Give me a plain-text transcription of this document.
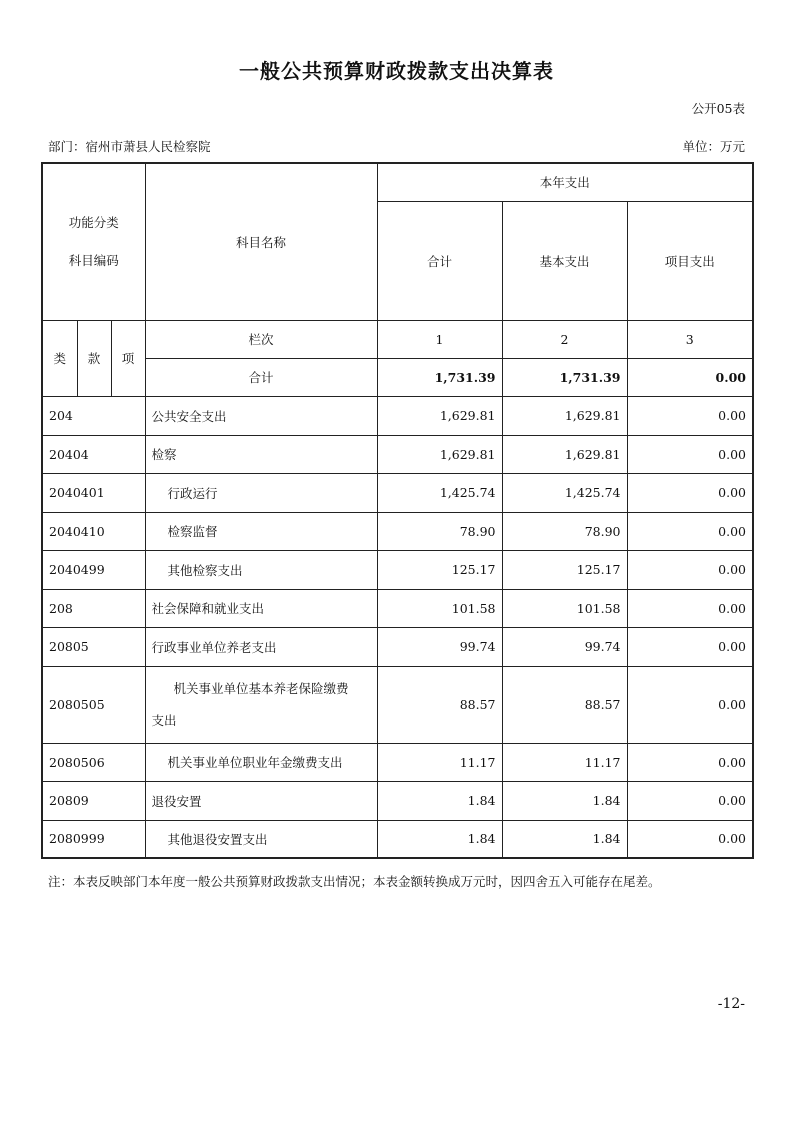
一般公共预算财政拨款支出决算表
公开05表
部门：宿州市萧县人民检察院	单位：万元
功能分类
科目编码			科目名称	本年支出		
				合计	基本支出	项目支出
类	款	项	栏次	1	2	3
			合计	1,731.39	1,731.39	0.00
204			公共安全支出	1,629.81	1,629.81	0.00
20404			检察	1,629.81	1,629.81	0.00
2040401			行政运行	1,425.74	1,425.74	0.00
2040410			检察监督	78.90	78.90	0.00
2040499			其他检察支出	125.17	125.17	0.00
208			社会保障和就业支出	101.58	101.58	0.00
20805			行政事业单位养老支出	99.74	99.74	0.00
2080505			机关事业单位基本养老保险缴费
支出	88.57	88.57	0.00
2080506			机关事业单位职业年金缴费支出	11.17	11.17	0.00
20809			退役安置	1.84	1.84	0.00
2080999			其他退役安置支出	1.84	1.84	0.00
注：本表反映部门本年度一般公共预算财政拨款支出情况；本表金额转换成万元时，因四舍五入可能存在尾差。
-12-
